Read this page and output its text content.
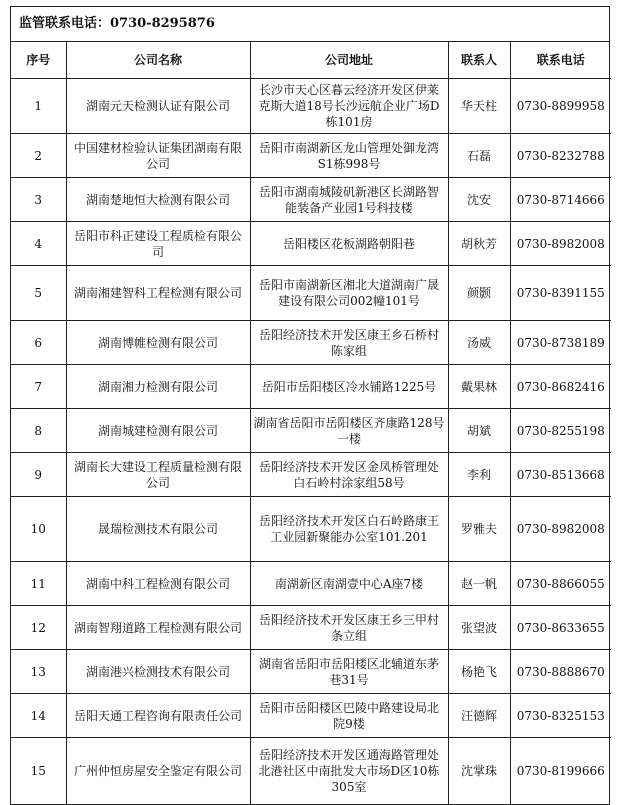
监管联系电话：0730-8295876
序号	公司名称	公司地址	联系人	联系电话
1	湖南元天检测认证有限公司	长沙市天心区暮云经济开发区伊莱克斯大道18号长沙远航企业广场D栋101房	华天柱	0730-8899958
2	中国建材检验认证集团湖南有限公司	岳阳市南湖新区龙山管理处御龙湾S1栋998号	石磊	0730-8232788
3	湖南楚地恒大检测有限公司	岳阳市湖南城陵矶新港区长湖路智能装备产业园1号科技楼	沈安	0730-8714666
4	岳阳市科正建设工程质检有限公司	岳阳楼区花板湖路朝阳巷	胡秋芳	0730-8982008
5	湖南湘建智科工程检测有限公司	岳阳市南湖新区湘北大道湖南广晟建设有限公司002幢101号	颜颢	0730-8391155
6	湖南博帷检测有限公司	岳阳经济技术开发区康王乡石桥村陈家组	汤威	0730-8738189
7	湖南湘力检测有限公司	岳阳市岳阳楼区冷水铺路1225号	戴果林	0730-8682416
8	湖南城建检测有限公司	湖南省岳阳市岳阳楼区齐康路128号一楼	胡斌	0730-8255198
9	湖南长大建设工程质量检测有限公司	岳阳经济技术开发区金凤桥管理处白石岭村涂家组58号	李利	0730-8513668
10	晟瑞检测技术有限公司	岳阳经济技术开发区白石岭路康王工业园新聚能办公室101.201	罗雅夫	0730-8982008
11	湖南中科工程检测有限公司	南湖新区南湖壹中心A座7楼	赵一帆	0730-8866055
12	湖南智翔道路工程检测有限公司	岳阳经济技术开发区康王乡三甲村条立组	张望波	0730-8633655
13	湖南港兴检测技术有限公司	湖南省岳阳市岳阳楼区北辅道东茅巷31号	杨艳飞	0730-8888670
14	岳阳天通工程咨询有限责任公司	岳阳市岳阳楼区巴陵中路建设局北院9楼	汪德辉	0730-8325153
15	广州仲恒房屋安全鉴定有限公司	岳阳经济技术开发区通海路管理处北港社区中南批发大市场D区10栋305室	沈掌珠	0730-8199666
